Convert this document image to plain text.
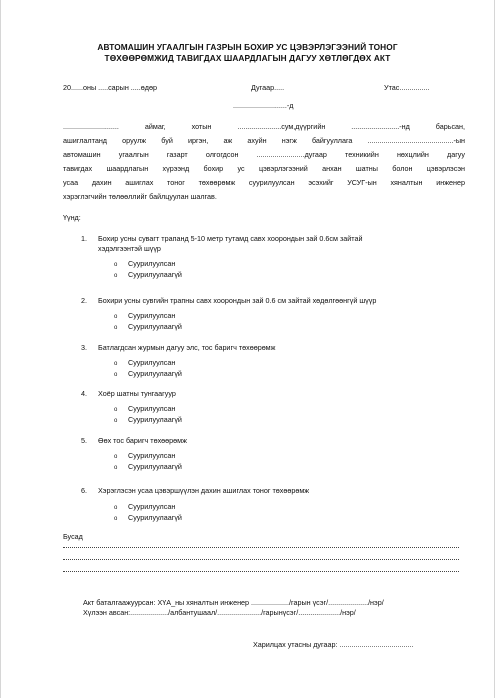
АВТОМАШИН УГААЛГЫН ГАЗРЫН БОХИР УС ЦЭВЭРЛЭГЭЭНИЙ ТОНОГ
ТӨХӨӨРӨМЖИД ТАВИГДАХ ШААРДЛАГЫН ДАГУУ ХӨТЛӨГДӨХ АКТ
20......оны .....сарын .....өдөр	Дугаар.....	Утас...............
...........................-д
............................ аймаг, хотын ......................сум,дүүргийн ........................-нд барьсан,
ашиглалтанд оруулж буй иргэн, аж ахуйн нэгж байгууллага ...........................................-ын
автомашин угаалгын газарт олгогдсон ........................дугаар техникийн нөхцлийн дагуу
тавигдах шаардлагын хүрээнд бохир ус цэвэрлэгээний анхан шатны болон цэвэрлэсэн
усаа дахин ашиглах тоног төхөөрөмж суурилуулсан эсэхийг УСУГ-ын хяналтын инженер
хэрэглэгчийн төлөөллийг байлцуулан шалгав.
Үүнд:
1. Бохир усны сувагт трапанд 5-10 метр тутамд савх хоорондын зай 0.6см зайтай
хэдэлгээнтэй шүүр
o Суурилуулсан
o Суурилуулаагүй
2. Бохири усны сувгийн трапны савх хоорондын зай 0.6 см зайтай хөдөлгөөнгүй шүүр
o Суурилуулсан
o Суурилуулаагүй
3. Батлагдсан журмын дагуу элс, тос баригч төхөөрөмж
o Суурилуулсан
o Суурилуулаагүй
4. Хоёр шатны тунгаагуур
o Суурилуулсан
o Суурилуулаагүй
5. Өөх тос баригч төхөөрөмж
o Суурилуулсан
o Суурилуулаагүй
6. Хэрэглэсэн усаа цэвэршүүлэн дахин ашиглах тоног төхөөрөмж
o Суурилуулсан
o Суурилуулаагүй
Бусад
Акт баталгаажуурсан: ХҮА_ны хяналтын инженер .................../гарын үсэг/..................../нэр/
Хүлээн авсан:.................../албантушаал/....................../гарынүсэг/...................../нэр/
Харилцах утасны дугаар: .....................................
